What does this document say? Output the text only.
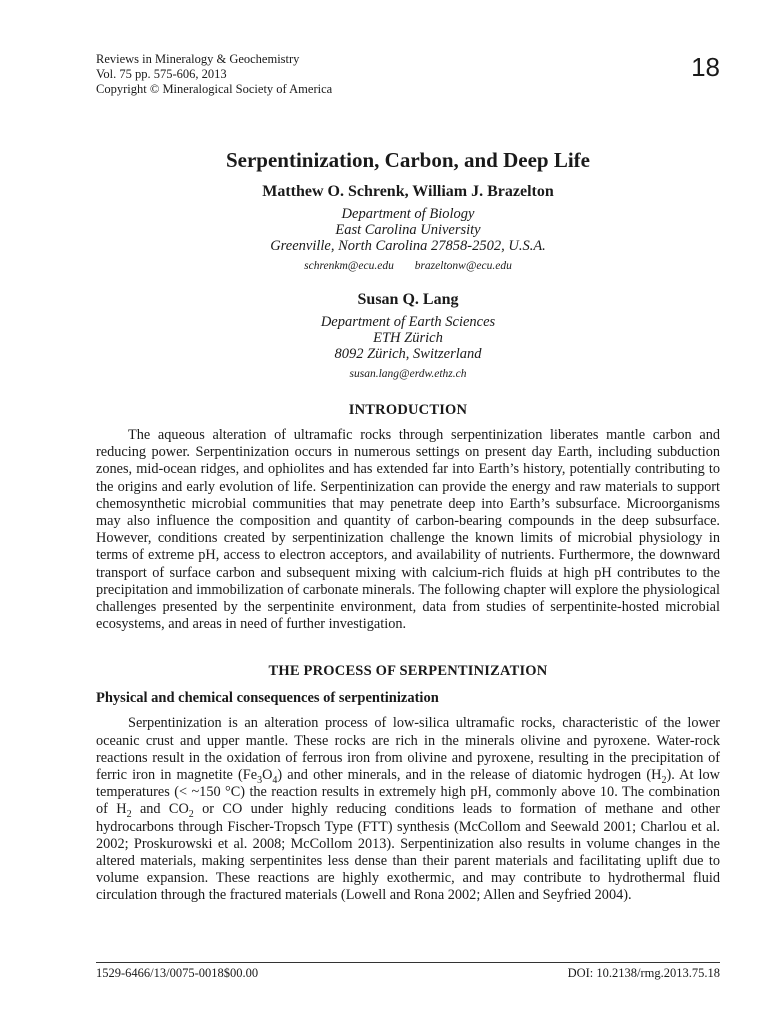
18
Reviews in Mineralogy & Geochemistry
Vol. 75 pp. 575-606, 2013
Copyright © Mineralogical Society of America
Serpentinization, Carbon, and Deep Life
Matthew O. Schrenk, William J. Brazelton
Department of Biology
East Carolina University
Greenville, North Carolina 27858-2502, U.S.A.
schrenkm@ecu.edu brazeltonw@ecu.edu
Susan Q. Lang
Department of Earth Sciences
ETH Zürich
8092 Zürich, Switzerland
susan.lang@erdw.ethz.ch
INTRODUCTION
The aqueous alteration of ultramafic rocks through serpentinization liberates mantle carbon and reducing power. Serpentinization occurs in numerous settings on present day Earth, including subduction zones, mid-ocean ridges, and ophiolites and has extended far into Earth’s history, potentially contributing to the origins and early evolution of life. Serpentinization can provide the energy and raw materials to support chemosynthetic microbial communities that may penetrate deep into Earth’s subsurface. Microorganisms may also influence the composition and quantity of carbon-bearing compounds in the deep subsurface. However, conditions created by serpentinization challenge the known limits of microbial physiology in terms of extreme pH, access to electron acceptors, and availability of nutrients. Furthermore, the downward transport of surface carbon and subsequent mixing with calcium-rich fluids at high pH contributes to the precipitation and immobilization of carbonate minerals. The following chapter will explore the physiological challenges presented by the serpentinite environment, data from studies of serpentinite-hosted microbial ecosystems, and areas in need of further investigation.
THE PROCESS OF SERPENTINIZATION
Physical and chemical consequences of serpentinization
Serpentinization is an alteration process of low-silica ultramafic rocks, characteristic of the lower oceanic crust and upper mantle. These rocks are rich in the minerals olivine and pyroxene. Water-rock reactions result in the oxidation of ferrous iron from olivine and pyroxene, resulting in the precipitation of ferric iron in magnetite $(Fe_3O_4)$ and other minerals, and in the release of diatomic hydrogen $(H_2)$. At low temperatures (< ~150 °C) the reaction results in extremely high pH, commonly above 10. The combination of $H_2$ and $CO_2$ or CO under highly reducing conditions leads to formation of methane and other hydrocarbons through Fischer-Tropsch Type (FTT) synthesis (McCollom and Seewald 2001; Charlou et al. 2002; Proskurowski et al. 2008; McCollom 2013). Serpentinization also results in volume changes in the altered materials, making serpentinites less dense than their parent materials and facilitating uplift due to volume expansion. These reactions are highly exothermic, and may contribute to hydrothermal fluid circulation through the fractured materials (Lowell and Rona 2002; Allen and Seyfried 2004).
1529-6466/13/0075-0018$00.00	DOI: 10.2138/rmg.2013.75.18
